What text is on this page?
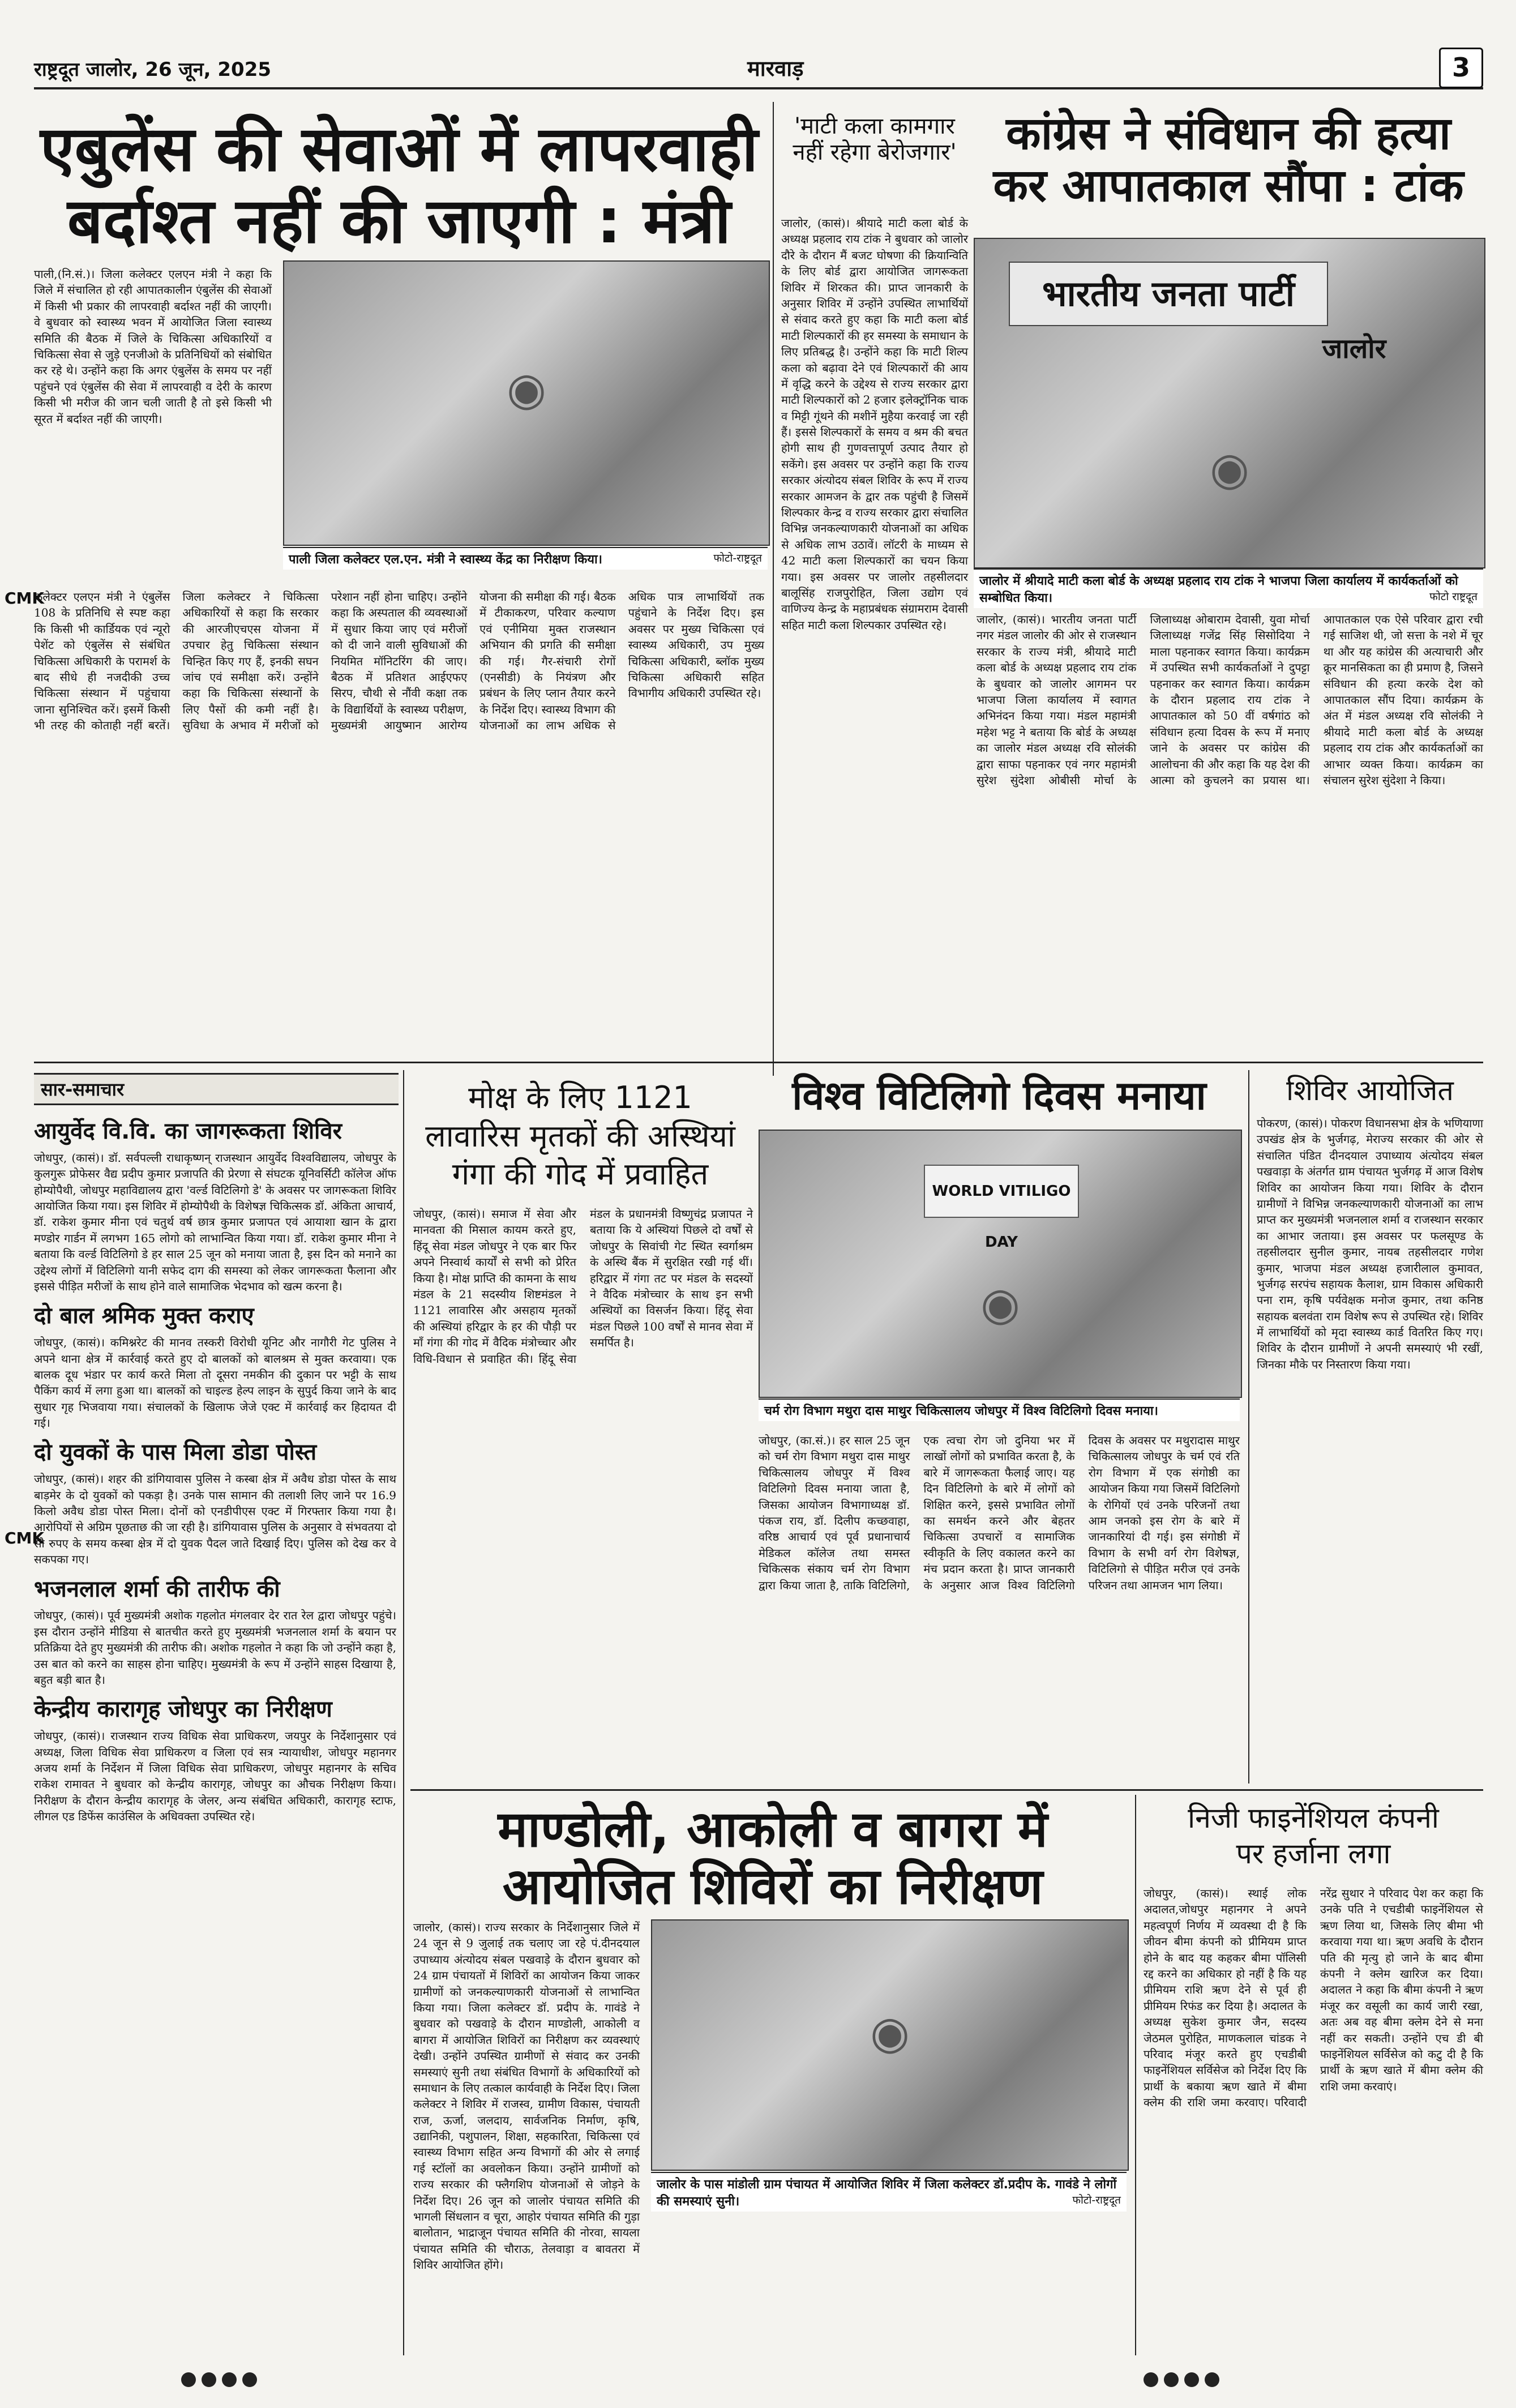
राष्ट्रदूत जालोर, 26 जून, 2025	मारवाड़	3
एबुलेंस की सेवाओं में लापरवाही
बर्दाश्त नहीं की जाएगी : मंत्री
पाली,(नि.सं.)। जिला कलेक्टर एलएन मंत्री ने कहा कि जिले में संचालित हो रही आपातकालीन एंबुलेंस की सेवाओं में किसी भी प्रकार की लापरवाही बर्दाश्त नहीं की जाएगी। वे बुधवार को स्वास्थ्य भवन में आयोजित जिला स्वास्थ्य समिति की बैठक में जिले के चिकित्सा अधिकारियों व चिकित्सा सेवा से जुड़े एनजीओ के प्रतिनिधियों को संबोधित कर रहे थे। उन्होंने कहा कि अगर एंबुलेंस के समय पर नहीं पहुंचने एवं एंबुलेंस की सेवा में लापरवाही व देरी के कारण किसी भी मरीज की जान चली जाती है तो इसे किसी भी सूरत में बर्दाश्त नहीं की जाएगी।
◉
पाली जिला कलेक्टर एल.एन. मंत्री ने स्वास्थ्य केंद्र का निरीक्षण किया।	फोटो-राष्ट्रदूत
कलेक्टर एलएन मंत्री ने एंबुलेंस 108 के प्रतिनिधि से स्पष्ट कहा कि किसी भी कार्डियक एवं न्यूरो पेशेंट को एंबुलेंस से संबंधित चिकित्सा अधिकारी के परामर्श के बाद सीधे ही नजदीकी उच्च चिकित्सा संस्थान में पहुंचाया जाना सुनिश्चित करें। इसमें किसी भी तरह की कोताही नहीं बरतें। जिला कलेक्टर ने चिकित्सा अधिकारियों से कहा कि सरकार की आरजीएचएस योजना में उपचार हेतु चिकित्सा संस्थान चिन्हित किए गए हैं, इनकी सघन जांच एवं समीक्षा करें। उन्होंने कहा कि चिकित्सा संस्थानों के लिए पैसों की कमी नहीं है। सुविधा के अभाव में मरीजों को परेशान नहीं होना चाहिए। उन्होंने कहा कि अस्पताल की व्यवस्थाओं में सुधार किया जाए एवं मरीजों को दी जाने वाली सुविधाओं की नियमित मॉनिटरिंग की जाए। बैठक में प्रतिशत आईएफए सिरप, चौथी से नौंवी कक्षा तक के विद्यार्थियों के स्वास्थ्य परीक्षण, मुख्यमंत्री आयुष्मान आरोग्य योजना की समीक्षा की गई। बैठक में टीकाकरण, परिवार कल्याण एवं एनीमिया मुक्त राजस्थान अभियान की प्रगति की समीक्षा की गई। गैर-संचारी रोगों (एनसीडी) के नियंत्रण और प्रबंधन के लिए प्लान तैयार करने के निर्देश दिए। स्वास्थ्य विभाग की योजनाओं का लाभ अधिक से अधिक पात्र लाभार्थियों तक पहुंचाने के निर्देश दिए। इस अवसर पर मुख्य चिकित्सा एवं स्वास्थ्य अधिकारी, उप मुख्य चिकित्सा अधिकारी, ब्लॉक मुख्य चिकित्सा अधिकारी सहित विभागीय अधिकारी उपस्थित रहे।
'माटी कला कामगार नहीं रहेगा बेरोजगार'
जालोर, (कासं)। श्रीयादे माटी कला बोर्ड के अध्यक्ष प्रहलाद राय टांक ने बुधवार को जालोर दौरे के दौरान मैं बजट घोषणा की क्रियान्विति के लिए बोर्ड द्वारा आयोजित जागरूकता शिविर में शिरकत की। प्राप्त जानकारी के अनुसार शिविर में उन्होंने उपस्थित लाभार्थियों से संवाद करते हुए कहा कि माटी कला बोर्ड माटी शिल्पकारों की हर समस्या के समाधान के लिए प्रतिबद्ध है। उन्होंने कहा कि माटी शिल्प कला को बढ़ावा देने एवं शिल्पकारों की आय में वृद्धि करने के उद्देश्य से राज्य सरकार द्वारा माटी शिल्पकारों को 2 हजार इलेक्ट्रॉनिक चाक व मिट्टी गूंथने की मशीनें मुहैया करवाई जा रही हैं। इससे शिल्पकारों के समय व श्रम की बचत होगी साथ ही गुणवत्तापूर्ण उत्पाद तैयार हो सकेंगे। इस अवसर पर उन्होंने कहा कि राज्य सरकार अंत्योदय संबल शिविर के रूप में राज्य सरकार आमजन के द्वार तक पहुंची है जिसमें शिल्पकार केन्द्र व राज्य सरकार द्वारा संचालित विभिन्न जनकल्याणकारी योजनाओं का अधिक से अधिक लाभ उठावें। लॉटरी के माध्यम से 42 माटी कला शिल्पकारों का चयन किया गया। इस अवसर पर जालोर तहसीलदार बालूसिंह राजपुरोहित, जिला उद्योग एवं वाणिज्य केन्द्र के महाप्रबंधक संग्रामराम देवासी सहित माटी कला शिल्पकार उपस्थित रहे।
कांग्रेस ने संविधान की हत्या
कर आपातकाल सौंपा : टांक
भारतीय जनता पार्टी
जालोर
◉
जालोर में श्रीयादे माटी कला बोर्ड के अध्यक्ष प्रहलाद राय टांक ने भाजपा जिला कार्यालय में कार्यकर्ताओं को सम्बोधित किया।	फोटो राष्ट्रदूत
जालोर, (कासं)। भारतीय जनता पार्टी नगर मंडल जालोर की ओर से राजस्थान सरकार के राज्य मंत्री, श्रीयादे माटी कला बोर्ड के अध्यक्ष प्रहलाद राय टांक के बुधवार को जालोर आगमन पर भाजपा जिला कार्यालय में स्वागत अभिनंदन किया गया। मंडल महामंत्री महेश भट्ट ने बताया कि बोर्ड के अध्यक्ष का जालोर मंडल अध्यक्ष रवि सोलंकी द्वारा साफा पहनाकर एवं नगर महामंत्री सुरेश सुंदेशा ओबीसी मोर्चा के जिलाध्यक्ष ओबाराम देवासी, युवा मोर्चा जिलाध्यक्ष गजेंद्र सिंह सिसोदिया ने माला पहनाकर स्वागत किया। कार्यक्रम में उपस्थित सभी कार्यकर्ताओं ने दुपट्टा पहनाकर कर स्वागत किया। कार्यक्रम के दौरान प्रहलाद राय टांक ने आपातकाल को 50 वीं वर्षगांठ को संविधान हत्या दिवस के रूप में मनाए जाने के अवसर पर कांग्रेस की आलोचना की और कहा कि यह देश की आत्मा को कुचलने का प्रयास था। आपातकाल एक ऐसे परिवार द्वारा रची गई साजिश थी, जो सत्ता के नशे में चूर था और यह कांग्रेस की अत्याचारी और क्रूर मानसिकता का ही प्रमाण है, जिसने संविधान की हत्या करके देश को आपातकाल सौंप दिया। कार्यक्रम के अंत में मंडल अध्यक्ष रवि सोलंकी ने श्रीयादे माटी कला बोर्ड के अध्यक्ष प्रहलाद राय टांक और कार्यकर्ताओं का आभार व्यक्त किया। कार्यक्रम का संचालन सुरेश सुंदेशा ने किया।
सार-समाचार
आयुर्वेद वि.वि. का जागरूकता शिविर

जोधपुर, (कासं)। डॉ. सर्वपल्ली राधाकृष्णन् राजस्थान आयुर्वेद विश्वविद्यालय, जोधपुर के कुलगुरू प्रोफेसर वैद्य प्रदीप कुमार प्रजापति की प्रेरणा से संघटक यूनिवर्सिटी कॉलेज ऑफ होम्योपैथी, जोधपुर महाविद्यालय द्वारा 'वर्ल्ड विटिलिगो डे' के अवसर पर जागरूकता शिविर आयोजित किया गया। इस शिविर में होम्योपैथी के विशेषज्ञ चिकित्सक डॉ. अंकिता आचार्य, डॉ. राकेश कुमार मीना एवं चतुर्थ वर्ष छात्र कुमार प्रजापत एवं आयाशा खान के द्वारा मण्डोर गार्डन में लगभग 165 लोगो को लाभान्वित किया गया। डॉ. राकेश कुमार मीना ने बताया कि वर्ल्ड विटिलिगो डे हर साल 25 जून को मनाया जाता है, इस दिन को मनाने का उद्देश्य लोगों में विटिलिगो यानी सफेद दाग की समस्या को लेकर जागरूकता फैलाना और इससे पीड़ित मरीजों के साथ होने वाले सामाजिक भेदभाव को खत्म करना है।

दो बाल श्रमिक मुक्त कराए

जोधपुर, (कासं)। कमिश्नरेट की मानव तस्करी विरोधी यूनिट और नागौरी गेट पुलिस ने अपने थाना क्षेत्र में कार्रवाई करते हुए दो बालकों को बालश्रम से मुक्त करवाया। एक बालक दूध भंडार पर कार्य करते मिला तो दूसरा नमकीन की दुकान पर भट्टी के साथ पैकिंग कार्य में लगा हुआ था। बालकों को चाइल्ड हेल्प लाइन के सुपुर्द किया जाने के बाद सुधार गृह भिजवाया गया। संचालकों के खिलाफ जेजे एक्ट में कार्रवाई कर हिदायत दी गई।

दो युवकों के पास मिला डोडा पोस्त

जोधपुर, (कासं)। शहर की डांगियावास पुलिस ने कस्बा क्षेत्र में अवैध डोडा पोस्त के साथ बाड़मेर के दो युवकों को पकड़ा है। उनके पास सामान की तलाशी लिए जाने पर 16.9 किलो अवैध डोडा पोस्त मिला। दोनों को एनडीपीएस एक्ट में गिरफ्तार किया गया है। आरोपियों से अग्रिम पूछताछ की जा रही है। डांगियावास पुलिस के अनुसार वे संभवतया दो सौ रुपए के समय कस्बा क्षेत्र में दो युवक पैदल जाते दिखाई दिए। पुलिस को देख कर वे सकपका गए।

भजनलाल शर्मा की तारीफ की

जोधपुर, (कासं)। पूर्व मुख्यमंत्री अशोक गहलोत मंगलवार देर रात रेल द्वारा जोधपुर पहुंचे। इस दौरान उन्होंने मीडिया से बातचीत करते हुए मुख्यमंत्री भजनलाल शर्मा के बयान पर प्रतिक्रिया देते हुए मुख्यमंत्री की तारीफ की। अशोक गहलोत ने कहा कि जो उन्होंने कहा है, उस बात को करने का साहस होना चाहिए। मुख्यमंत्री के रूप में उन्होंने साहस दिखाया है, बहुत बड़ी बात है।

केन्द्रीय कारागृह जोधपुर का निरीक्षण

जोधपुर, (कासं)। राजस्थान राज्य विधिक सेवा प्राधिकरण, जयपुर के निर्देशानुसार एवं अध्यक्ष, जिला विधिक सेवा प्राधिकरण व जिला एवं सत्र न्यायाधीश, जोधपुर महानगर अजय शर्मा के निर्देशन में जिला विधिक सेवा प्राधिकरण, जोधपुर महानगर के सचिव राकेश रामावत ने बुधवार को केन्द्रीय कारागृह, जोधपुर का औचक निरीक्षण किया। निरीक्षण के दौरान केन्द्रीय कारागृह के जेलर, अन्य संबंधित अधिकारी, कारागृह स्टाफ, लीगल एड डिफेंस काउंसिल के अधिवक्ता उपस्थित रहे।

मोक्ष के लिए 1121
लावारिस मृतकों की अस्थियां
गंगा की गोद में प्रवाहित
जोधपुर, (कासं)। समाज में सेवा और मानवता की मिसाल कायम करते हुए, हिंदू सेवा मंडल जोधपुर ने एक बार फिर अपने निस्वार्थ कार्यों से सभी को प्रेरित किया है। मोक्ष प्राप्ति की कामना के साथ मंडल के 21 सदस्यीय शिष्टमंडल ने 1121 लावारिस और असहाय मृतकों की अस्थियां हरिद्वार के हर की पौड़ी पर माँ गंगा की गोद में वैदिक मंत्रोच्चार और विधि-विधान से प्रवाहित की। हिंदू सेवा मंडल के प्रधानमंत्री विष्णुचंद्र प्रजापत ने बताया कि ये अस्थियां पिछले दो वर्षों से जोधपुर के सिवांची गेट स्थित स्वर्गाश्रम के अस्थि बैंक में सुरक्षित रखी गई थीं। हरिद्वार में गंगा तट पर मंडल के सदस्यों ने वैदिक मंत्रोच्चार के साथ इन सभी अस्थियों का विसर्जन किया। हिंदू सेवा मंडल पिछले 100 वर्षों से मानव सेवा में समर्पित है।
विश्व विटिलिगो दिवस मनाया
WORLD VITILIGO DAY
◉
चर्म रोग विभाग मथुरा दास माथुर चिकित्सालय जोधपुर में विश्व विटिलिगो दिवस मनाया।
जोधपुर, (का.सं.)। हर साल 25 जून को चर्म रोग विभाग मथुरा दास माथुर चिकित्सालय जोधपुर में विश्व विटिलिगो दिवस मनाया जाता है, जिसका आयोजन विभागाध्यक्ष डॉ. पंकज राय, डॉ. दिलीप कच्छवाहा, वरिष्ठ आचार्य एवं पूर्व प्रधानाचार्य मेडिकल कॉलेज तथा समस्त चिकित्सक संकाय चर्म रोग विभाग द्वारा किया जाता है, ताकि विटिलिगो, एक त्वचा रोग जो दुनिया भर में लाखों लोगों को प्रभावित करता है, के बारे में जागरूकता फैलाई जाए। यह दिन विटिलिगो के बारे में लोगों को शिक्षित करने, इससे प्रभावित लोगों का समर्थन करने और बेहतर चिकित्सा उपचारों व सामाजिक स्वीकृति के लिए वकालत करने का मंच प्रदान करता है। प्राप्त जानकारी के अनुसार आज विश्व विटिलिगो दिवस के अवसर पर मथुरादास माथुर चिकित्सालय जोधपुर के चर्म एवं रति रोग विभाग में एक संगोष्ठी का आयोजन किया गया जिसमें विटिलिगो के रोगियों एवं उनके परिजनों तथा आम जनको इस रोग के बारे में जानकारियां दी गई। इस संगोष्ठी में विभाग के सभी वर्ग रोग विशेषज्ञ, विटिलिगो से पीड़ित मरीज एवं उनके परिजन तथा आमजन भाग लिया।
शिविर आयोजित
पोकरण, (कासं)। पोकरण विधानसभा क्षेत्र के भणियाणा उपखंड क्षेत्र के भुर्जगढ़, मेराज्य सरकार की ओर से संचालित पंडित दीनदयाल उपाध्याय अंत्योदय संबल पखवाड़ा के अंतर्गत ग्राम पंचायत भुर्जगढ़ में आज विशेष शिविर का आयोजन किया गया। शिविर के दौरान ग्रामीणों ने विभिन्न जनकल्याणकारी योजनाओं का लाभ प्राप्त कर मुख्यमंत्री भजनलाल शर्मा व राजस्थान सरकार का आभार जताया। इस अवसर पर फलसूण्ड के तहसीलदार सुनील कुमार, नायब तहसीलदार गणेश कुमार, भाजपा मंडल अध्यक्ष हजारीलाल कुमावत, भुर्जगढ़ सरपंच सहायक कैलाश, ग्राम विकास अधिकारी पना राम, कृषि पर्यवेक्षक मनोज कुमार, तथा कनिष्ठ सहायक बलवंता राम विशेष रूप से उपस्थित रहे। शिविर में लाभार्थियों को मृदा स्वास्थ्य कार्ड वितरित किए गए। शिविर के दौरान ग्रामीणों ने अपनी समस्याएं भी रखीं, जिनका मौके पर निस्तारण किया गया।
माण्डोली, आकोली व बागरा में
आयोजित शिविरों का निरीक्षण
जालोर, (कासं)। राज्य सरकार के निर्देशानुसार जिले में 24 जून से 9 जुलाई तक चलाए जा रहे पं.दीनदयाल उपाध्याय अंत्योदय संबल पखवाड़े के दौरान बुधवार को 24 ग्राम पंचायतों में शिविरों का आयोजन किया जाकर ग्रामीणों को जनकल्याणकारी योजनाओं से लाभान्वित किया गया। जिला कलेक्टर डॉ. प्रदीप के. गावंडे ने बुधवार को पखवाड़े के दौरान माण्डोली, आकोली व बागरा में आयोजित शिविरों का निरीक्षण कर व्यवस्थाएं देखी। उन्होंने उपस्थित ग्रामीणों से संवाद कर उनकी समस्याएं सुनी तथा संबंधित विभागों के अधिकारियों को समाधान के लिए तत्काल कार्यवाही के निर्देश दिए। जिला कलेक्टर ने शिविर में राजस्व, ग्रामीण विकास, पंचायती राज, ऊर्जा, जलदाय, सार्वजनिक निर्माण, कृषि, उद्यानिकी, पशुपालन, शिक्षा, सहकारिता, चिकित्सा एवं स्वास्थ्य विभाग सहित अन्य विभागों की ओर से लगाई गई स्टॉलों का अवलोकन किया। उन्होंने ग्रामीणों को राज्य सरकार की फ्लैगशिप योजनाओं से जोड़ने के निर्देश दिए। 26 जून को जालोर पंचायत समिति की भागली सिंधलान व चूरा, आहोर पंचायत समिति की गुड़ा बालोतान, भाद्राजून पंचायत समिति की नोरवा, सायला पंचायत समिति की चौराऊ, तेलवाड़ा व बावतरा में शिविर आयोजित होंगे।
◉
जालोर के पास मांडोली ग्राम पंचायत में आयोजित शिविर में जिला कलेक्टर डॉ.प्रदीप के. गावंडे ने लोगों की समस्याएं सुनी।	फोटो-राष्ट्रदूत
निजी फाइनेंशियल कंपनी
पर हर्जाना लगा
जोधपुर, (कासं)। स्थाई लोक अदालत,जोधपुर महानगर ने अपने महत्वपूर्ण निर्णय में व्यवस्था दी है कि जीवन बीमा कंपनी को प्रीमियम प्राप्त होने के बाद यह कहकर बीमा पॉलिसी रद्द करने का अधिकार हो नहीं है कि यह प्रीमियम राशि ऋण देने से पूर्व ही प्रीमियम रिफंड कर दिया है। अदालत के अध्यक्ष सुकेश कुमार जैन, सदस्य जेठमल पुरोहित, माणकलाल चांडक ने परिवाद मंजूर करते हुए एचडीबी फाइनेंशियल सर्विसेज को निर्देश दिए कि प्रार्थी के बकाया ऋण खाते में बीमा क्लेम की राशि जमा करवाए। परिवादी नरेंद्र सुथार ने परिवाद पेश कर कहा कि उनके पति ने एचडीबी फाइनेंशियल से ऋण लिया था, जिसके लिए बीमा भी करवाया गया था। ऋण अवधि के दौरान पति की मृत्यु हो जाने के बाद बीमा कंपनी ने क्लेम खारिज कर दिया। अदालत ने कहा कि बीमा कंपनी ने ऋण मंजूर कर वसूली का कार्य जारी रखा, अतः अब वह बीमा क्लेम देने से मना नहीं कर सकती। उन्होंने एच डी बी फाइनेंशियल सर्विसेज को कटु दी है कि प्रार्थी के ऋण खाते में बीमा क्लेम की राशि जमा करवाएं।
CMK
CMK
